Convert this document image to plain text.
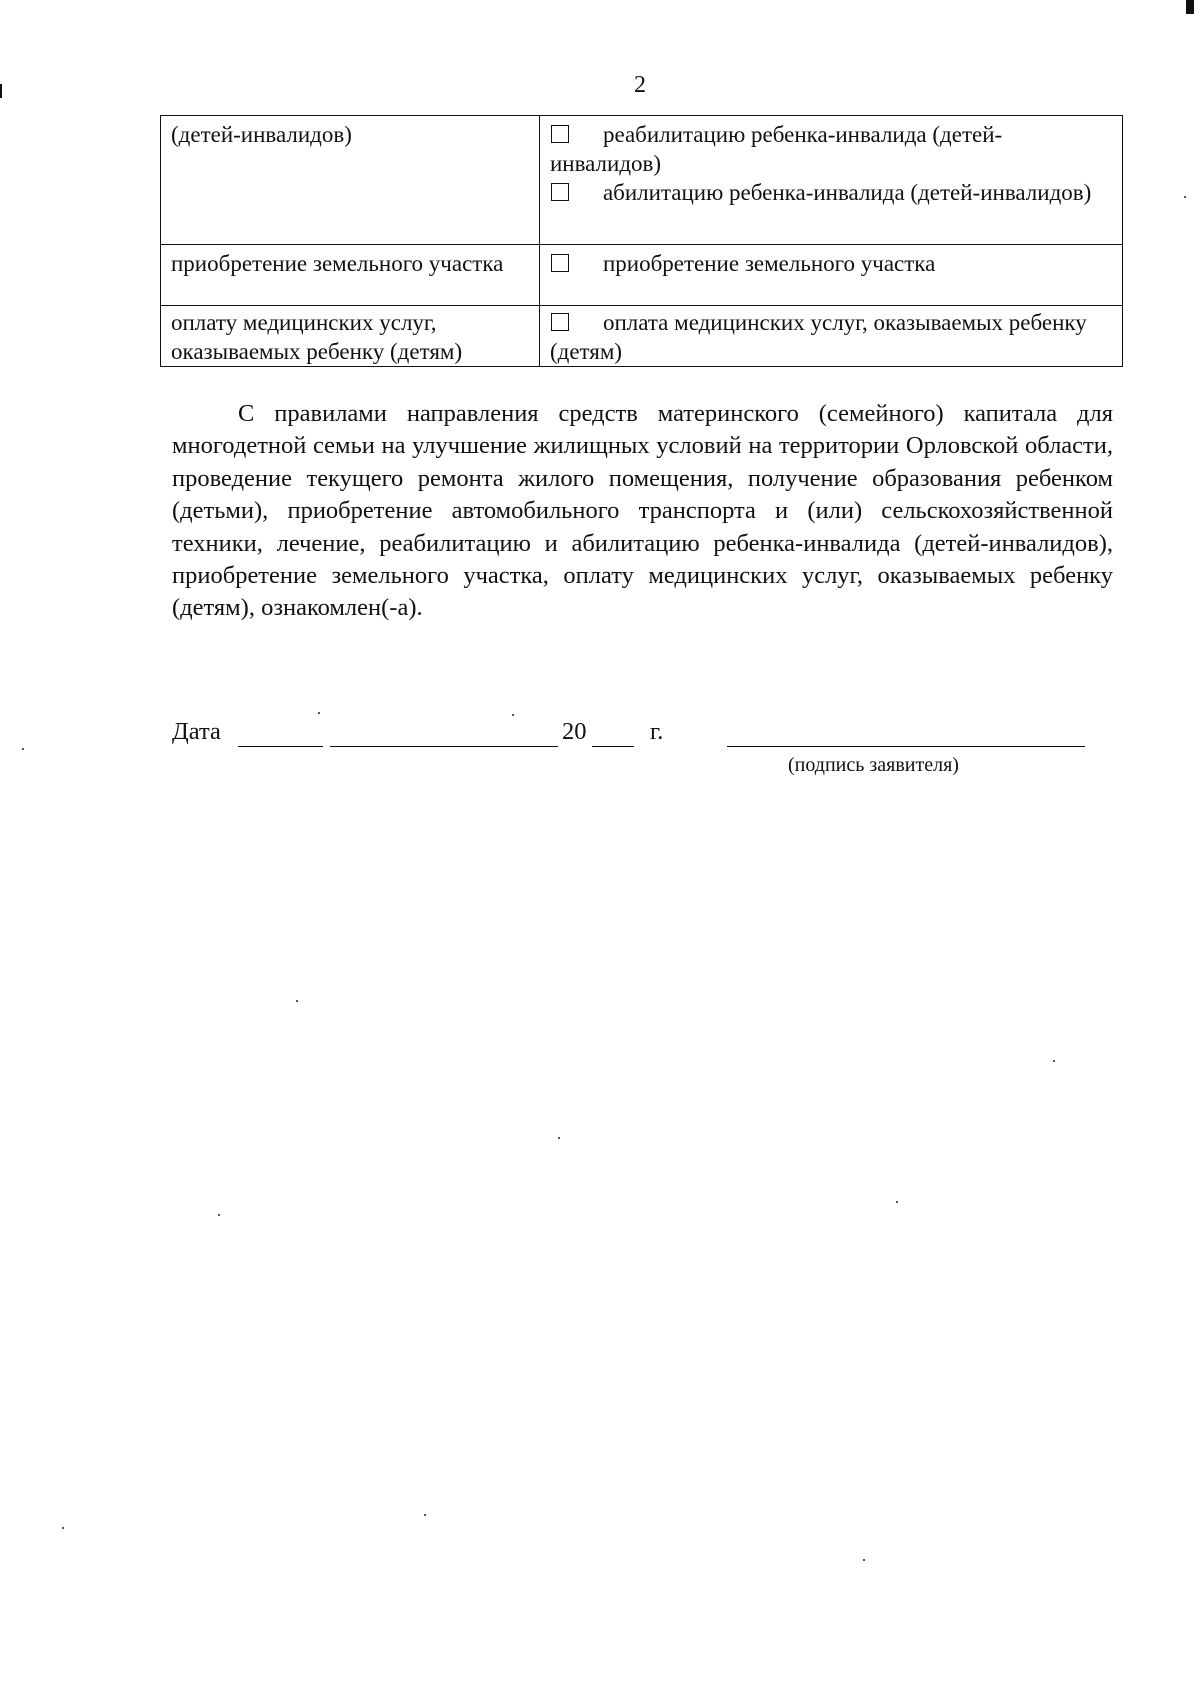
2
(детей-инвалидов)	реабилитацию ребенка-инвалида (детей-инвалидов)
абилитацию ребенка-инвалида (детей-инвалидов)

приобретение земельного участка	приобретение земельного участка

оплату медицинских услуг, оказываемых ребенку (детям)	оплата медицинских услуг, оказываемых ребенку (детям)

С правилами направления средств материнского (семейного) капитала для многодетной семьи на улучшение жилищных условий на территории Орловской области, проведение текущего ремонта жилого помещения, получение образования ребенком (детьми), приобретение автомобильного транспорта и (или) сельскохозяйственной техники, лечение, реабилитацию и абилитацию ребенка-инвалида (детей-инвалидов), приобретение земельного участка, оплату медицинских услуг, оказываемых ребенку (детям), ознакомлен(-а).

Дата	20	г.
(подпись заявителя)
